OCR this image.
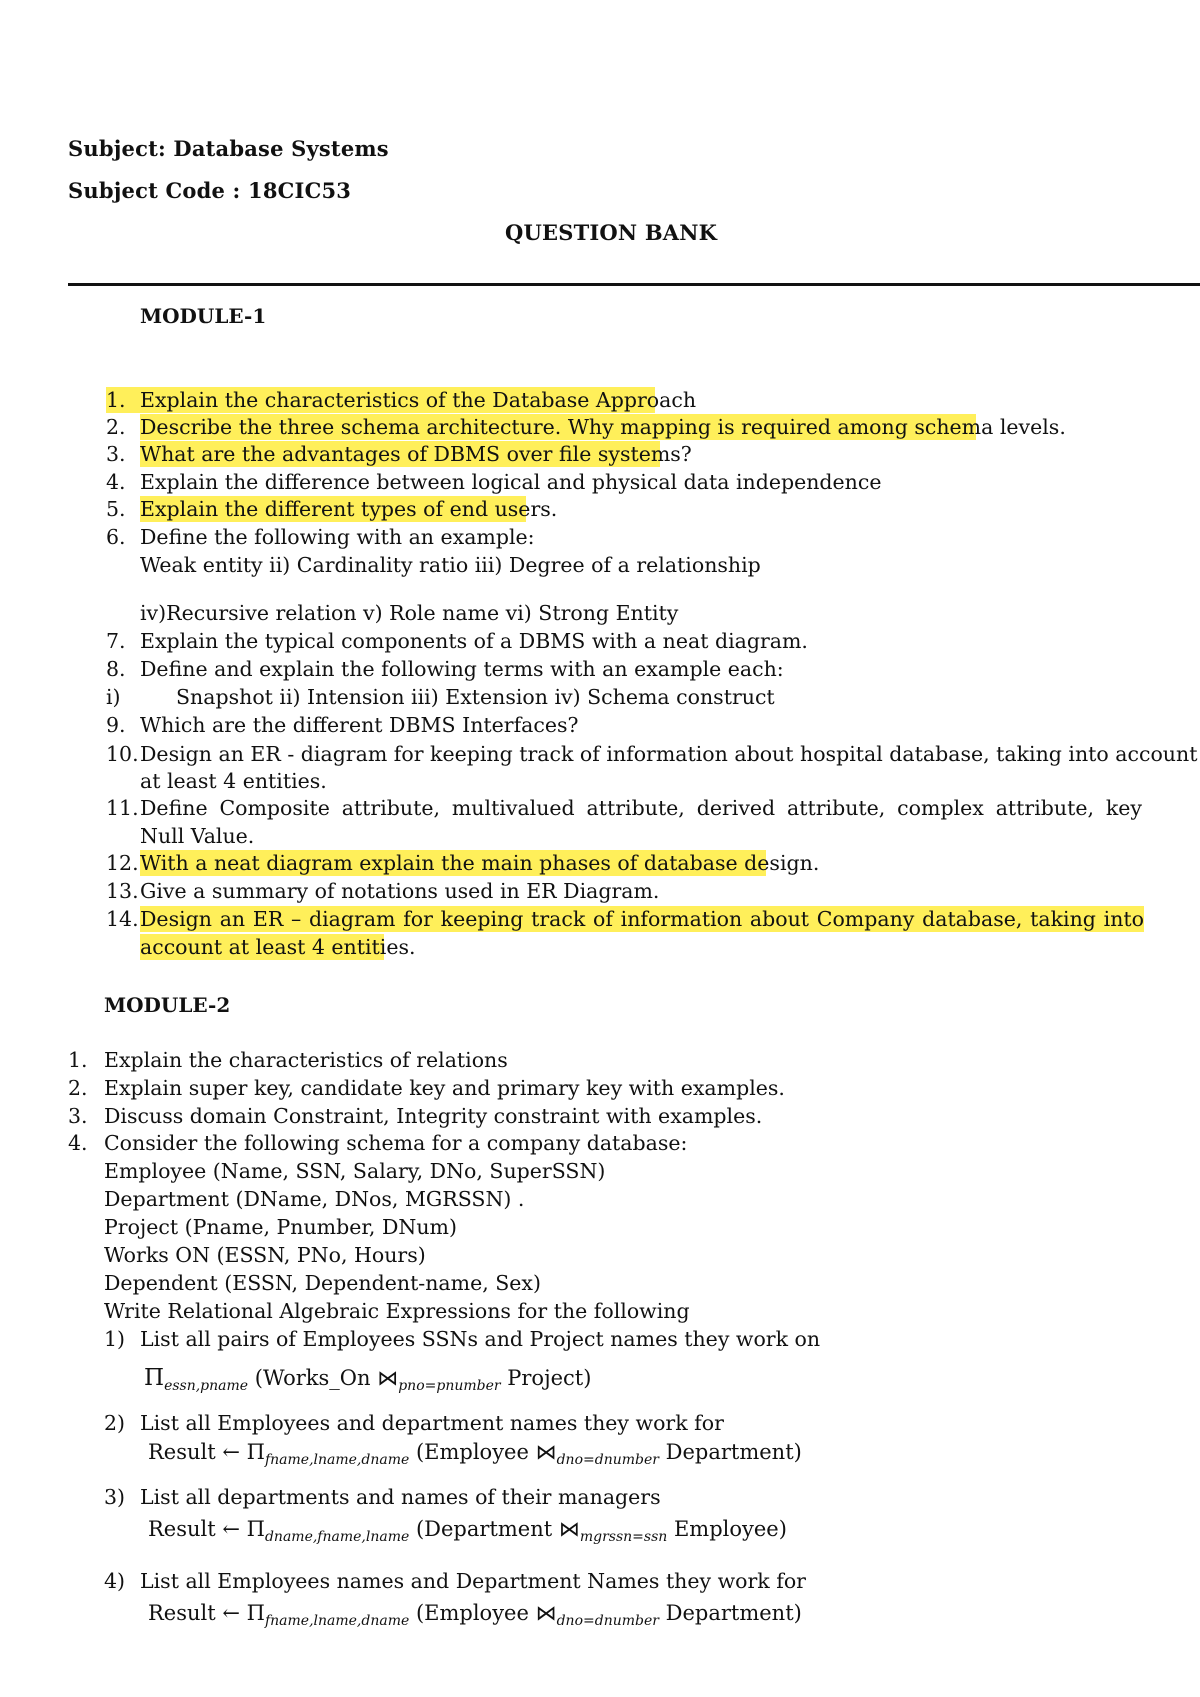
Subject: Database Systems
Subject Code : 18CIC53
QUESTION BANK
MODULE-1
1. Explain the characteristics of the Database Approach
2. Describe the three schema architecture. Why mapping is required among schema levels.
3. What are the advantages of DBMS over file systems?
4. Explain the difference between logical and physical data independence
5. Explain the different types of end users.
6. Define the following with an example:
Weak entity ii) Cardinality ratio iii) Degree of a relationship
iv)Recursive relation v) Role name vi) Strong Entity
7. Explain the typical components of a DBMS with a neat diagram.
8. Define and explain the following terms with an example each:
i)	Snapshot ii) Intension iii) Extension iv) Schema construct
9. Which are the different DBMS Interfaces?
10. Design an ER - diagram for keeping track of information about hospital database, taking into account
at least 4 entities.
11. Define Composite attribute, multivalued attribute, derived attribute, complex attribute, key
Null Value.
12. With a neat diagram explain the main phases of database design.
13. Give a summary of notations used in ER Diagram.
14. Design an ER – diagram for keeping track of information about Company database, taking into
account at least 4 entities.
MODULE-2
1. Explain the characteristics of relations
2. Explain super key, candidate key and primary key with examples.
3. Discuss domain Constraint, Integrity constraint with examples.
4. Consider the following schema for a company database:
Employee (Name, SSN, Salary, DNo, SuperSSN)
Department (DName, DNos, MGRSSN) .
Project (Pname, Pnumber, DNum)
Works ON (ESSN, PNo, Hours)
Dependent (ESSN, Dependent-name, Sex)
Write Relational Algebraic Expressions for the following
1) List all pairs of Employees SSNs and Project names they work on
$\Pi_{essn,pname}$ (Works_On $⋈_{pno=pnumber}$ Project)
2) List all Employees and department names they work for
Result ← $\Pi_{fname,lname,dname}$ (Employee $⋈_{dno=dnumber}$ Department)
3) List all departments and names of their managers
Result ← $\Pi_{dname,fname,lname}$ (Department $⋈_{mgrssn=ssn}$ Employee)
4) List all Employees names and Department Names they work for
Result ← $\Pi_{fname,lname,dname}$ (Employee $⋈_{dno=dnumber}$ Department)
